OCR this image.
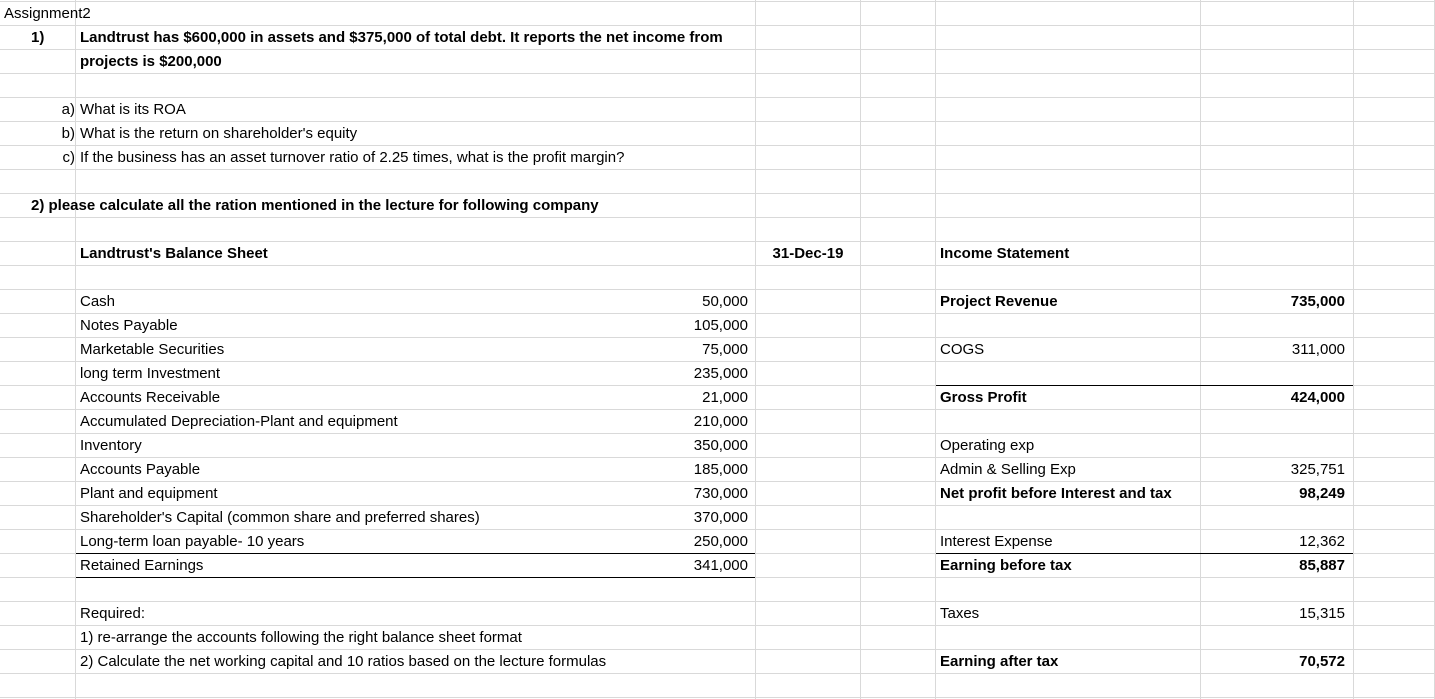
Assignment2
1) Landtrust has $600,000 in assets and $375,000 of total debt. It reports the net income from
projects is $200,000
a) What is its ROA
b) What is the return on shareholder's equity
c) If the business has an asset turnover ratio of 2.25 times, what is the profit margin?
2) please calculate all the ration mentioned in the lecture for following company
Landtrust's Balance Sheet	31-Dec-19
Cash	50,000
Notes Payable	105,000
Marketable Securities	75,000
long term Investment	235,000
Accounts Receivable	21,000
Accumulated Depreciation-Plant and equipment	210,000
Inventory	350,000
Accounts Payable	185,000
Plant and equipment	730,000
Shareholder's Capital (common share and preferred shares)	370,000
Long-term loan payable- 10 years	250,000
Retained Earnings	341,000
Required:
1) re-arrange the accounts following the right balance sheet format
2) Calculate the net working capital and 10 ratios based on the lecture formulas
Income Statement
Project Revenue	735,000
COGS	311,000
Gross Profit	424,000
Operating exp
Admin & Selling Exp	325,751
Net profit before Interest and tax	98,249
Interest Expense	12,362
Earning before tax	85,887
Taxes	15,315
Earning after tax	70,572
